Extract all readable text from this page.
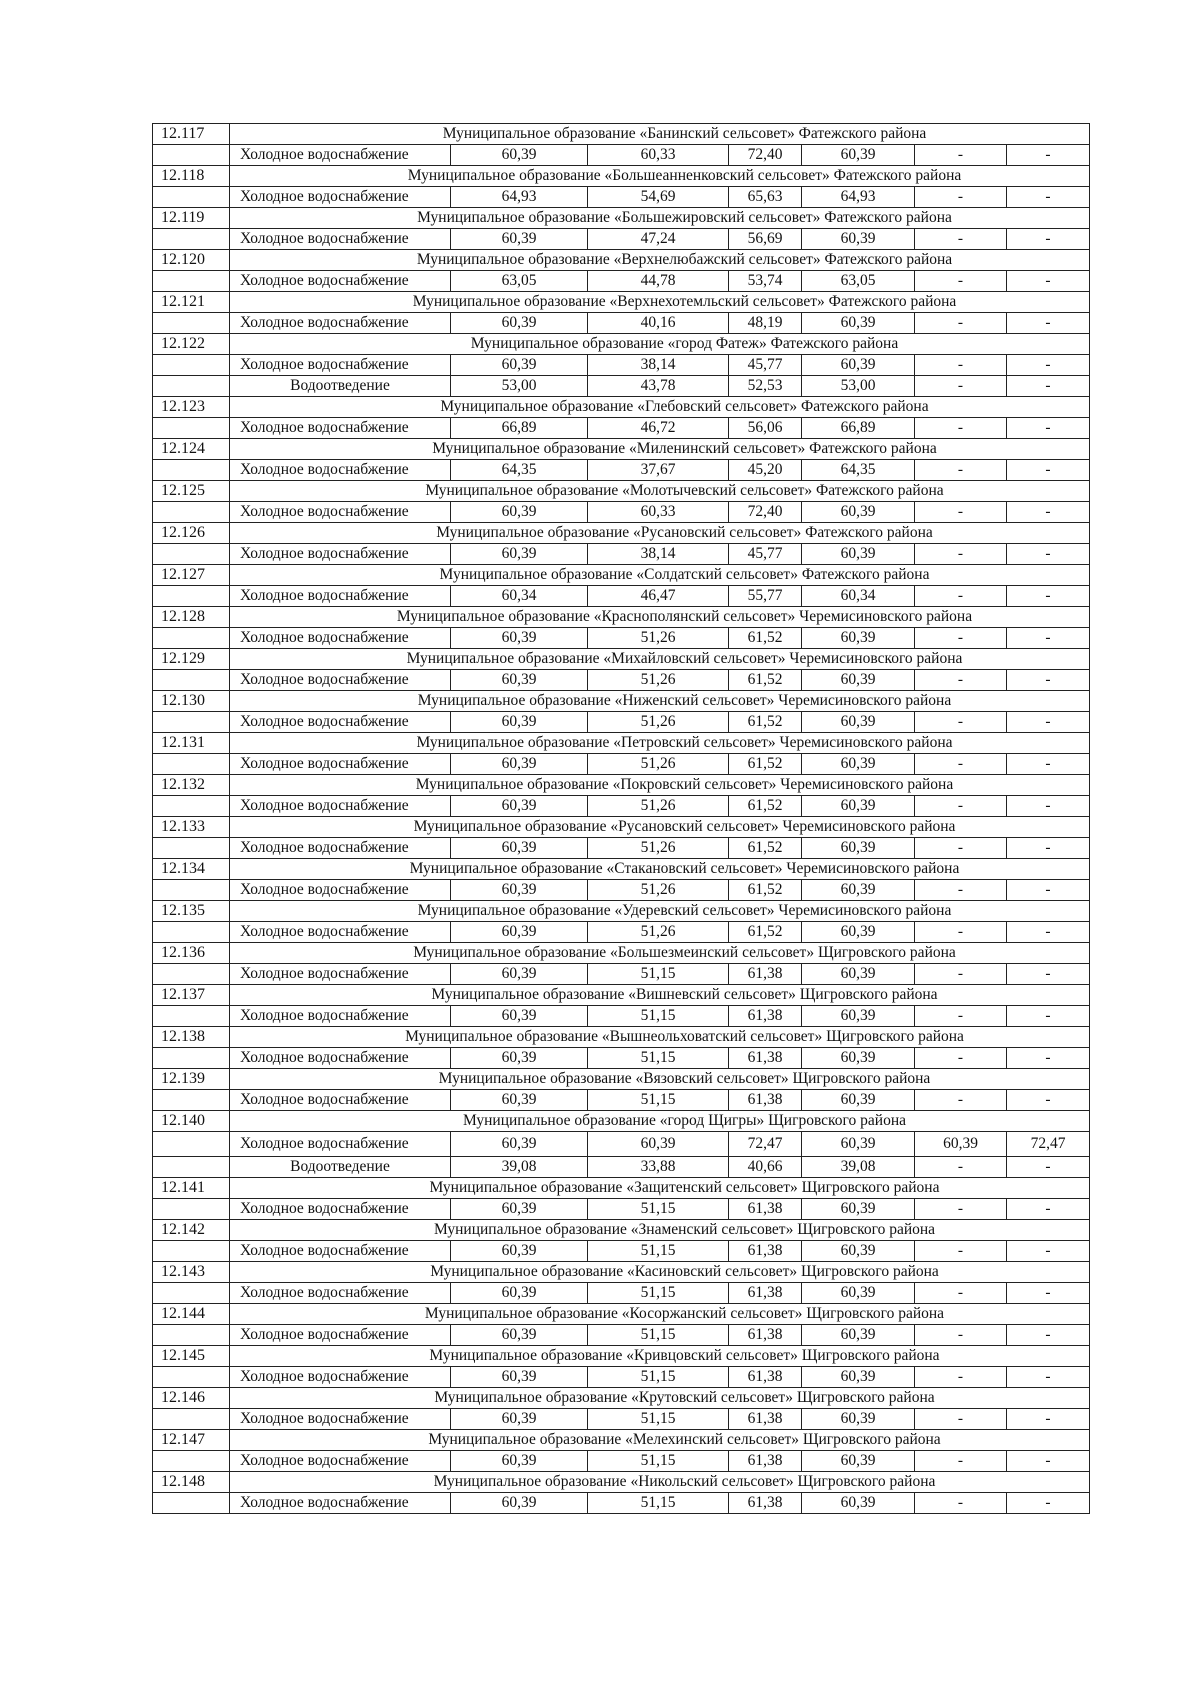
12.117	Муниципальное образование «Банинский сельсовет» Фатежского района						
	Холодное водоснабжение	60,39	60,33	72,40	60,39	-	-
12.118	Муниципальное образование «Большеанненковский сельсовет» Фатежского района						
	Холодное водоснабжение	64,93	54,69	65,63	64,93	-	-
12.119	Муниципальное образование «Большежировский сельсовет» Фатежского района						
	Холодное водоснабжение	60,39	47,24	56,69	60,39	-	-
12.120	Муниципальное образование «Верхнелюбажский сельсовет» Фатежского района						
	Холодное водоснабжение	63,05	44,78	53,74	63,05	-	-
12.121	Муниципальное образование «Верхнехотемльский сельсовет» Фатежского района						
	Холодное водоснабжение	60,39	40,16	48,19	60,39	-	-
12.122	Муниципальное образование «город Фатеж» Фатежского района						
	Холодное водоснабжение	60,39	38,14	45,77	60,39	-	-
	Водоотведение	53,00	43,78	52,53	53,00	-	-
12.123	Муниципальное образование «Глебовский сельсовет» Фатежского района						
	Холодное водоснабжение	66,89	46,72	56,06	66,89	-	-
12.124	Муниципальное образование «Миленинский сельсовет» Фатежского района						
	Холодное водоснабжение	64,35	37,67	45,20	64,35	-	-
12.125	Муниципальное образование «Молотычевский сельсовет» Фатежского района						
	Холодное водоснабжение	60,39	60,33	72,40	60,39	-	-
12.126	Муниципальное образование «Русановский сельсовет» Фатежского района						
	Холодное водоснабжение	60,39	38,14	45,77	60,39	-	-
12.127	Муниципальное образование «Солдатский сельсовет» Фатежского района						
	Холодное водоснабжение	60,34	46,47	55,77	60,34	-	-
12.128	Муниципальное образование «Краснополянский сельсовет» Черемисиновского района						
	Холодное водоснабжение	60,39	51,26	61,52	60,39	-	-
12.129	Муниципальное образование «Михайловский сельсовет» Черемисиновского района						
	Холодное водоснабжение	60,39	51,26	61,52	60,39	-	-
12.130	Муниципальное образование «Ниженский сельсовет» Черемисиновского района						
	Холодное водоснабжение	60,39	51,26	61,52	60,39	-	-
12.131	Муниципальное образование «Петровский сельсовет» Черемисиновского района						
	Холодное водоснабжение	60,39	51,26	61,52	60,39	-	-
12.132	Муниципальное образование «Покровский сельсовет» Черемисиновского района						
	Холодное водоснабжение	60,39	51,26	61,52	60,39	-	-
12.133	Муниципальное образование «Русановский сельсовет» Черемисиновского района						
	Холодное водоснабжение	60,39	51,26	61,52	60,39	-	-
12.134	Муниципальное образование «Стакановский сельсовет» Черемисиновского района						
	Холодное водоснабжение	60,39	51,26	61,52	60,39	-	-
12.135	Муниципальное образование «Удеревский сельсовет» Черемисиновского района						
	Холодное водоснабжение	60,39	51,26	61,52	60,39	-	-
12.136	Муниципальное образование «Большезмеинский сельсовет» Щигровского района						
	Холодное водоснабжение	60,39	51,15	61,38	60,39	-	-
12.137	Муниципальное образование «Вишневский сельсовет» Щигровского района						
	Холодное водоснабжение	60,39	51,15	61,38	60,39	-	-
12.138	Муниципальное образование «Вышнеольховатский сельсовет» Щигровского района						
	Холодное водоснабжение	60,39	51,15	61,38	60,39	-	-
12.139	Муниципальное образование «Вязовский сельсовет» Щигровского района						
	Холодное водоснабжение	60,39	51,15	61,38	60,39	-	-
12.140	Муниципальное образование «город Щигры» Щигровского района						
	Холодное водоснабжение	60,39	60,39	72,47	60,39	60,39	72,47
	Водоотведение	39,08	33,88	40,66	39,08	-	-
12.141	Муниципальное образование «Защитенский сельсовет» Щигровского района						
	Холодное водоснабжение	60,39	51,15	61,38	60,39	-	-
12.142	Муниципальное образование «Знаменский сельсовет» Щигровского района						
	Холодное водоснабжение	60,39	51,15	61,38	60,39	-	-
12.143	Муниципальное образование «Касиновский сельсовет» Щигровского района						
	Холодное водоснабжение	60,39	51,15	61,38	60,39	-	-
12.144	Муниципальное образование «Косоржанский сельсовет» Щигровского района						
	Холодное водоснабжение	60,39	51,15	61,38	60,39	-	-
12.145	Муниципальное образование «Кривцовский сельсовет» Щигровского района						
	Холодное водоснабжение	60,39	51,15	61,38	60,39	-	-
12.146	Муниципальное образование «Крутовский сельсовет» Щигровского района						
	Холодное водоснабжение	60,39	51,15	61,38	60,39	-	-
12.147	Муниципальное образование «Мелехинский сельсовет» Щигровского района						
	Холодное водоснабжение	60,39	51,15	61,38	60,39	-	-
12.148	Муниципальное образование «Никольский сельсовет» Щигровского района						
	Холодное водоснабжение	60,39	51,15	61,38	60,39	-	-
